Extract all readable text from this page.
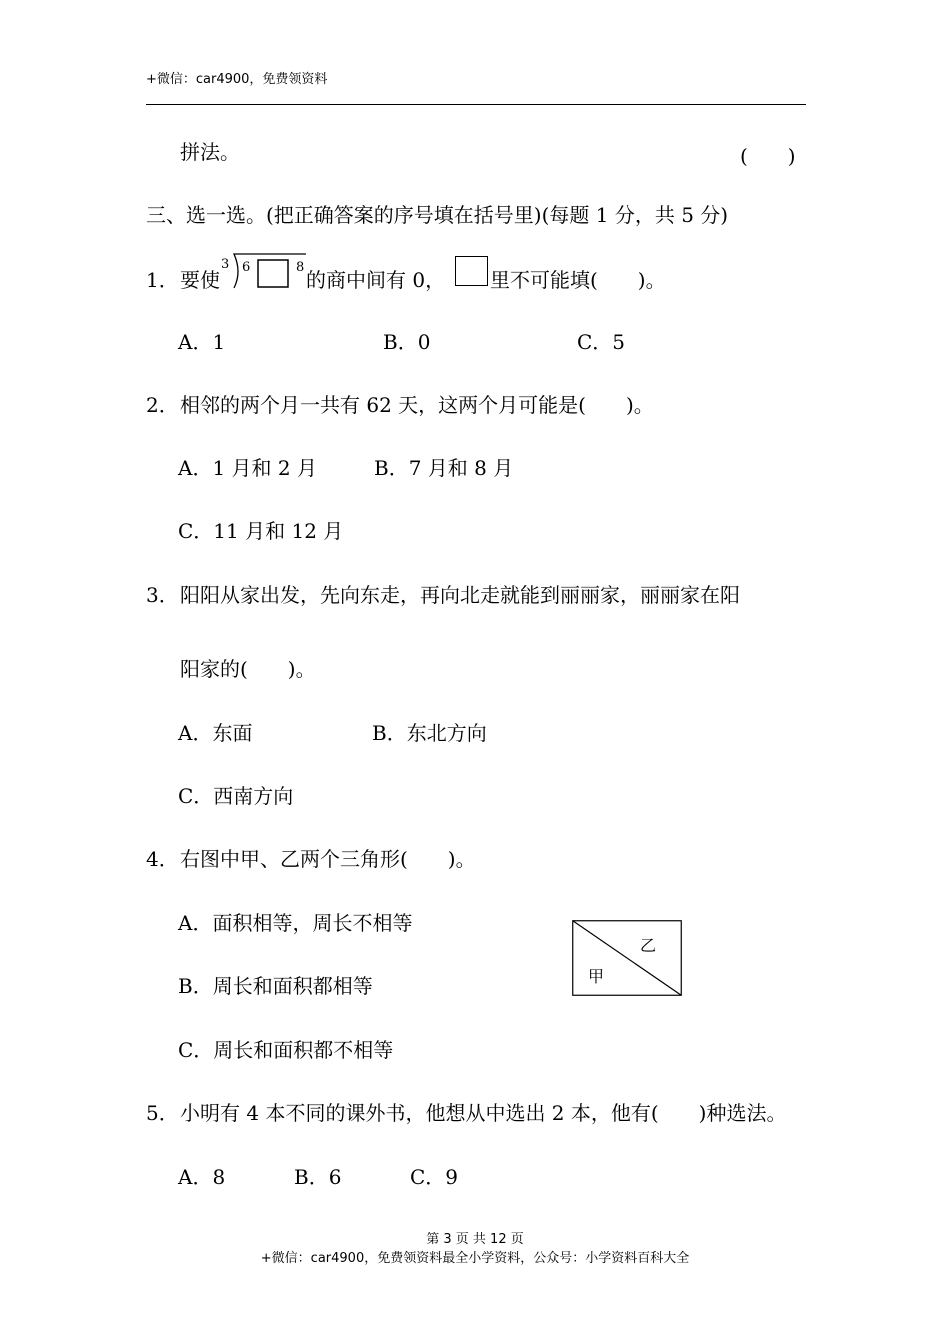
+微信：car4900，免费领资料
拼法。	(　　)
三、选一选。(把正确答案的序号填在括号里)(每题 1 分，共 5 分)
1． 要使
3 6	8
的商中间有 0， 里不可能填(　　)。
A．1	B．0	C．5
2． 相邻的两个月一共有 62 天，这两个月可能是(　　)。
A．1 月和 2 月	B．7 月和 8 月
C．11 月和 12 月
3． 阳阳从家出发，先向东走，再向北走就能到丽丽家，丽丽家在阳
阳家的(　　)。
A．东面	B．东北方向
C．西南方向
4． 右图中甲、乙两个三角形(　　)。
A．面积相等，周长不相等
B．周长和面积都相等
C．周长和面积都不相等
甲
乙
5． 小明有 4 本不同的课外书，他想从中选出 2 本，他有(　　)种选法。
A．8	B．6	C．9
第 3 页 共 12 页
+微信：car4900，免费领资料最全小学资料，公众号：小学资料百科大全
